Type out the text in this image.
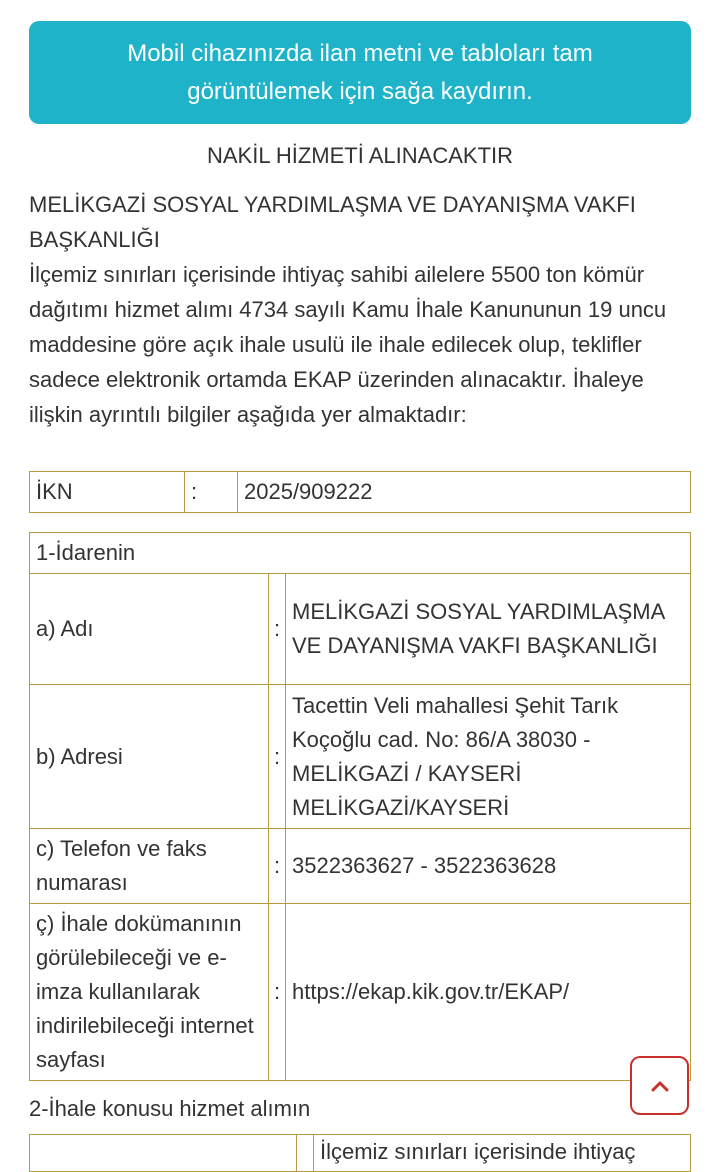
Mobil cihazınızda ilan metni ve tabloları tam görüntülemek için sağa kaydırın.
NAKİL HİZMETİ ALINACAKTIR

MELİKGAZİ SOSYAL YARDIMLAŞMA VE DAYANIŞMA VAKFI BAŞKANLIĞI

İlçemiz sınırları içerisinde ihtiyaç sahibi ailelere 5500 ton kömür dağıtımı hizmet alımı 4734 sayılı Kamu İhale Kanununun 19 uncu maddesine göre açık ihale usulü ile ihale edilecek olup, teklifler sadece elektronik ortamda EKAP üzerinden alınacaktır. İhaleye ilişkin ayrıntılı bilgiler aşağıda yer almaktadır:

İKN	:	2025/909222
1-İdarenin		
a) Adı	:	MELİKGAZİ SOSYAL YARDIMLAŞMA VE DAYANIŞMA VAKFI BAŞKANLIĞI
b) Adresi	:	Tacettin Veli mahallesi Şehit Tarık Koçoğlu cad. No: 86/A 38030 - MELİKGAZİ / KAYSERİ MELİKGAZİ/KAYSERİ
c) Telefon ve faks numarası	:	3522363627 - 3522363628
ç) İhale dokümanının görülebileceği ve e-imza kullanılarak indirilebileceği internet sayfası	:	https://ekap.kik.gov.tr/EKAP/
2-İhale konusu hizmet alımın
		İlçemiz sınırları içerisinde ihtiyaç
